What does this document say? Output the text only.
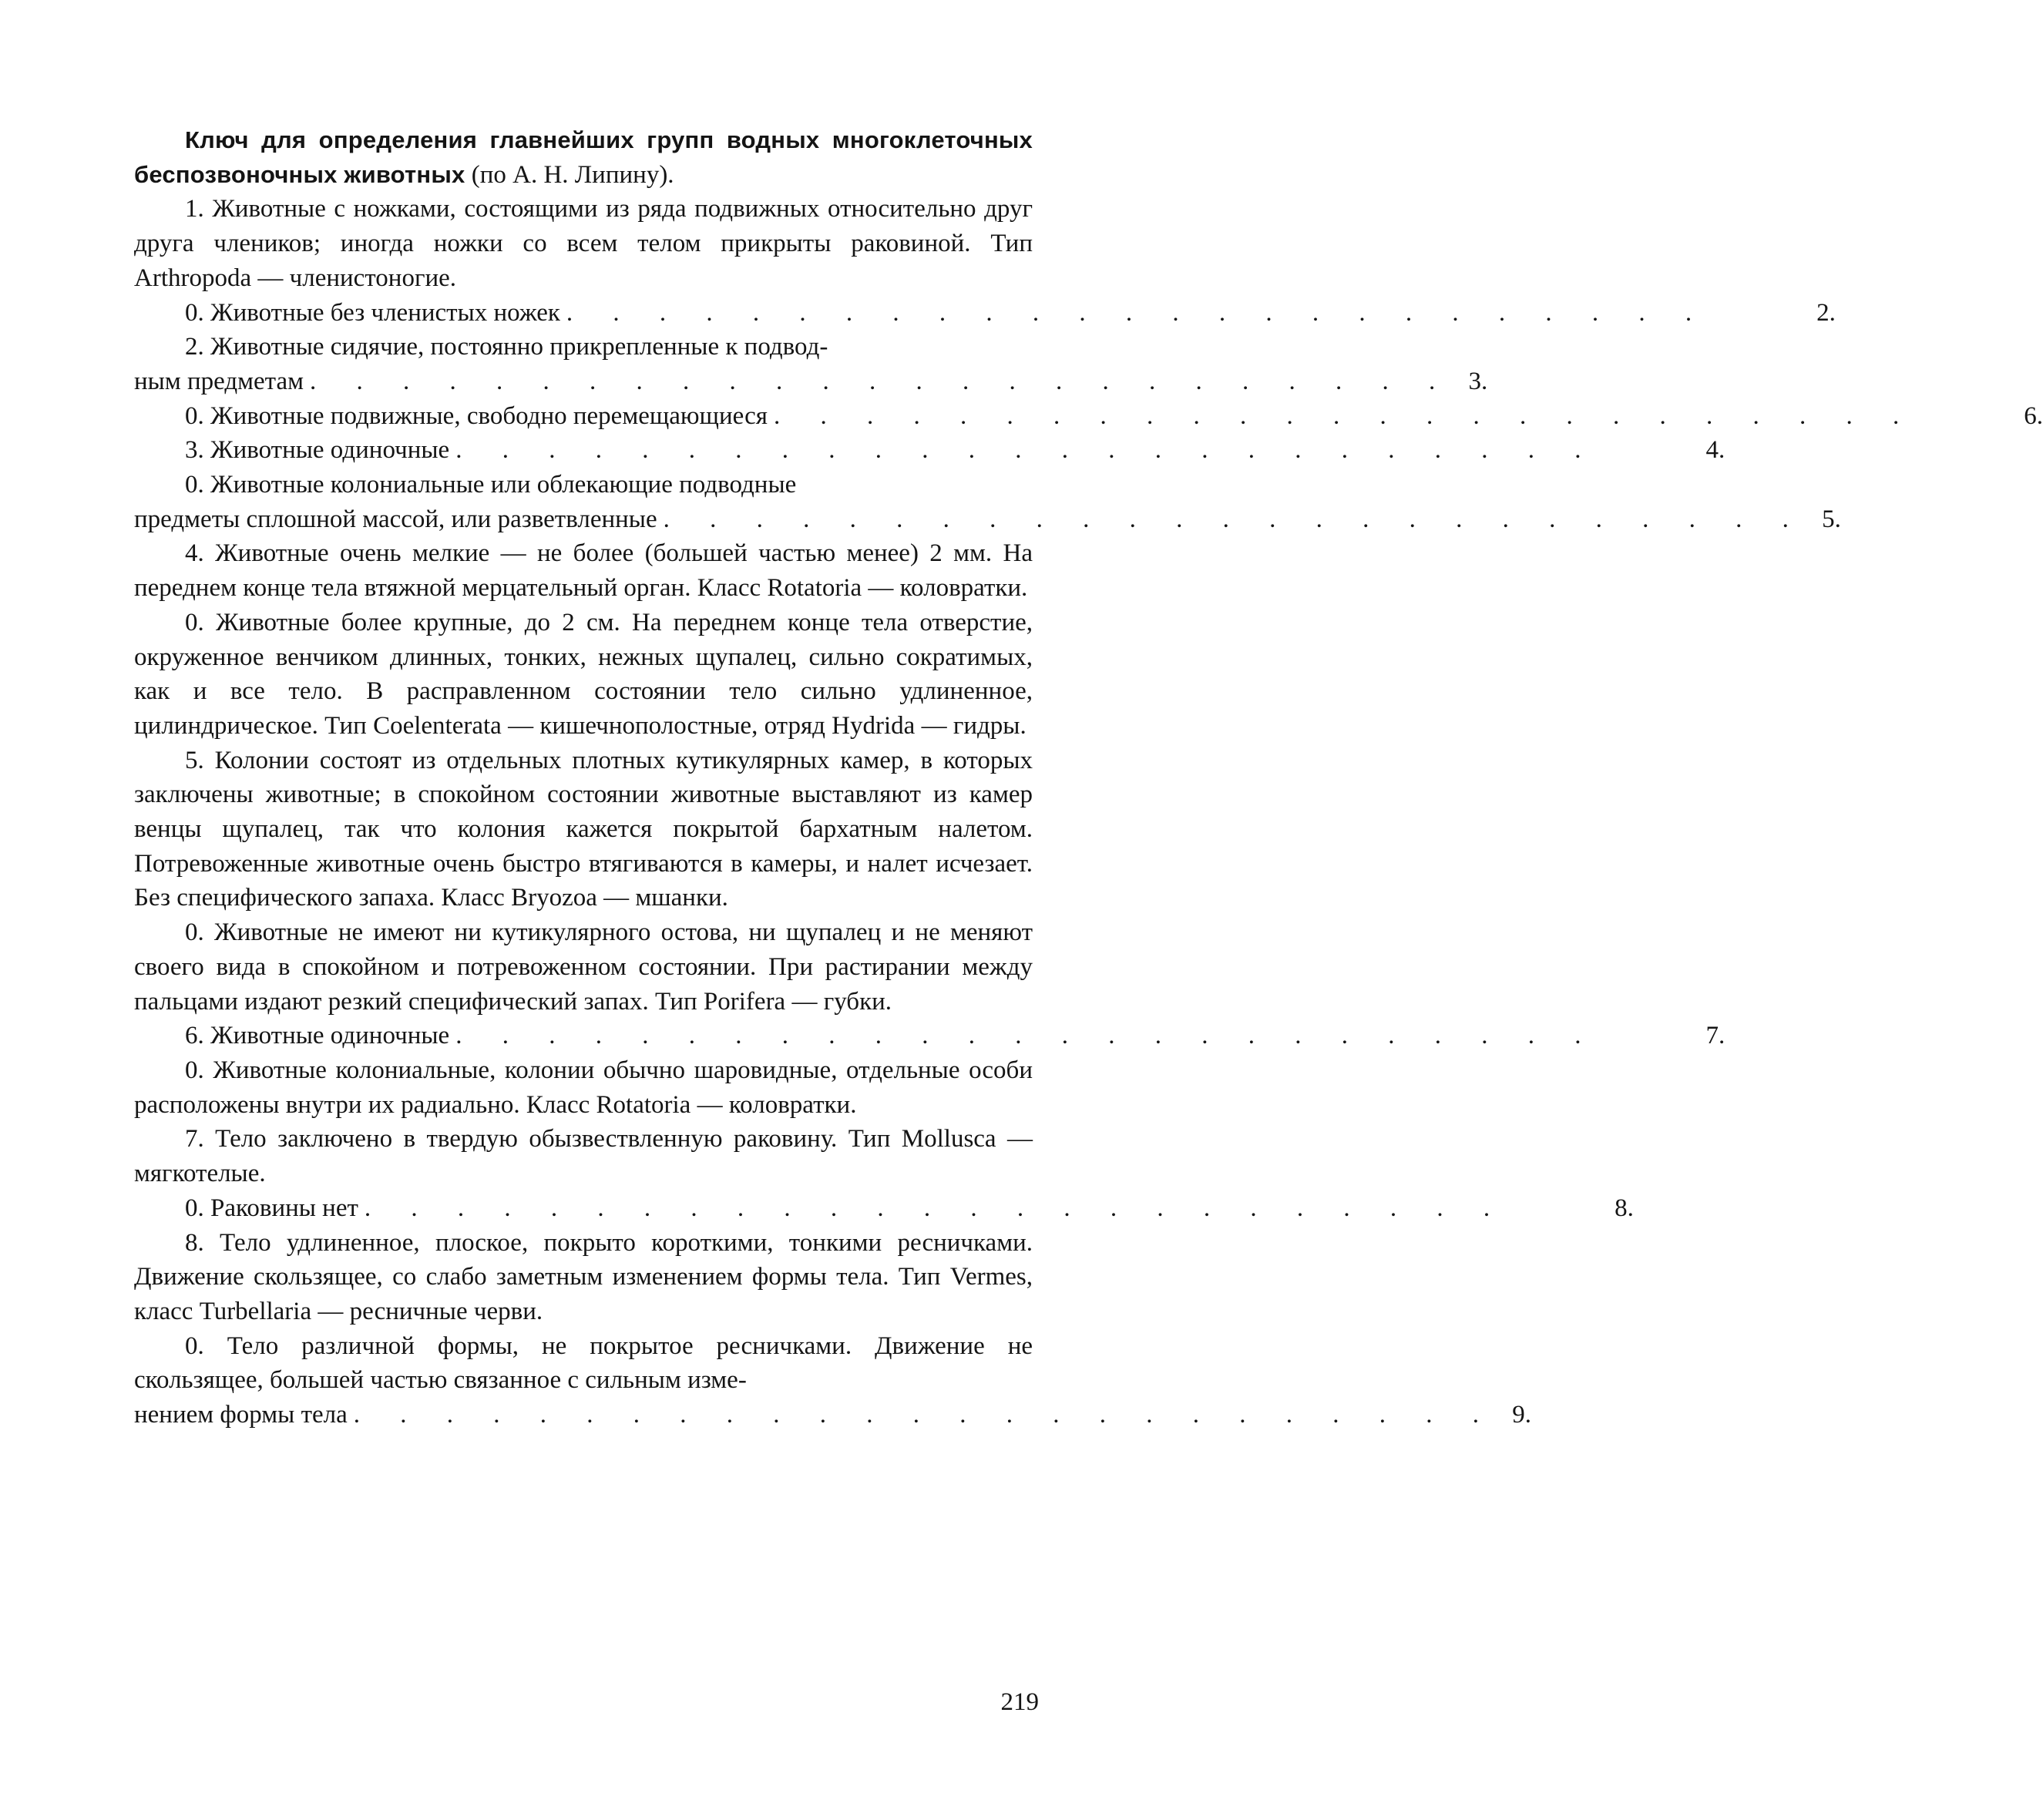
Ключ для определения главнейших групп водных многоклеточных беспозвоночных животных (по А. Н. Липину).

1. Животные с ножками, состоящими из ряда подвижных относительно друг друга члеников; иногда ножки со всем телом прикрыты раковиной. Тип Arthropoda — членистоногие.

0. Животные без членистых ножек . . . . . . . . . . . . . . . . . . . . . . . . .	2.

2. Животные сидячие, постоянно прикрепленные к подвод-

ным предметам . . . . . . . . . . . . . . . . . . . . . . . . . 3.

0. Животные подвижные, свободно перемещающиеся . . . . . . . . . . . . . . . . . . . . . . . . .	6.

3. Животные одиночные . . . . . . . . . . . . . . . . . . . . . . . . .	4.

0. Животные колониальные или облекающие подводные

предметы сплошной массой, или разветвленные . . . . . . . . . . . . . . . . . . . . . . . . . 5.

4. Животные очень мелкие — не более (большей частью менее) 2 мм. На переднем конце тела втяжной мерцательный орган. Класс Rotatoria — коловратки.

0. Животные более крупные, до 2 см. На переднем конце тела отверстие, окруженное венчиком длинных, тонких, нежных щупалец, сильно сократимых, как и все тело. В расправленном состоянии тело сильно удлиненное, цилиндрическое. Тип Coelenterata — кишечнополостные, отряд Hydrida — гидры.

5. Колонии состоят из отдельных плотных кутикулярных камер, в которых заключены животные; в спокойном состоянии животные выставляют из камер венцы щупалец, так что колония кажется покрытой бархатным налетом. Потревоженные животные очень быстро втягиваются в камеры, и налет исчезает. Без специфического запаха. Класс Bryozoa — мшанки.

0. Животные не имеют ни кутикулярного остова, ни щупалец и не меняют своего вида в спокойном и потревоженном состоянии. При растирании между пальцами издают резкий специфический запах. Тип Porifera — губки.

6. Животные одиночные . . . . . . . . . . . . . . . . . . . . . . . . .	7.

0. Животные колониальные, колонии обычно шаровидные, отдельные особи расположены внутри их радиально. Класс Rotatoria — коловратки.

7. Тело заключено в твердую обызвествленную раковину. Тип Mollusca — мягкотелые.

0. Раковины нет . . . . . . . . . . . . . . . . . . . . . . . . .	8.

8. Тело удлиненное, плоское, покрыто короткими, тонкими ресничками. Движение скользящее, со слабо заметным изменением формы тела. Тип Vermes, класс Turbellaria — ресничные черви.

0. Тело различной формы, не покрытое ресничками. Движение не скользящее, большей частью связанное с сильным изме-

нением формы тела . . . . . . . . . . . . . . . . . . . . . . . . . 9.

219
